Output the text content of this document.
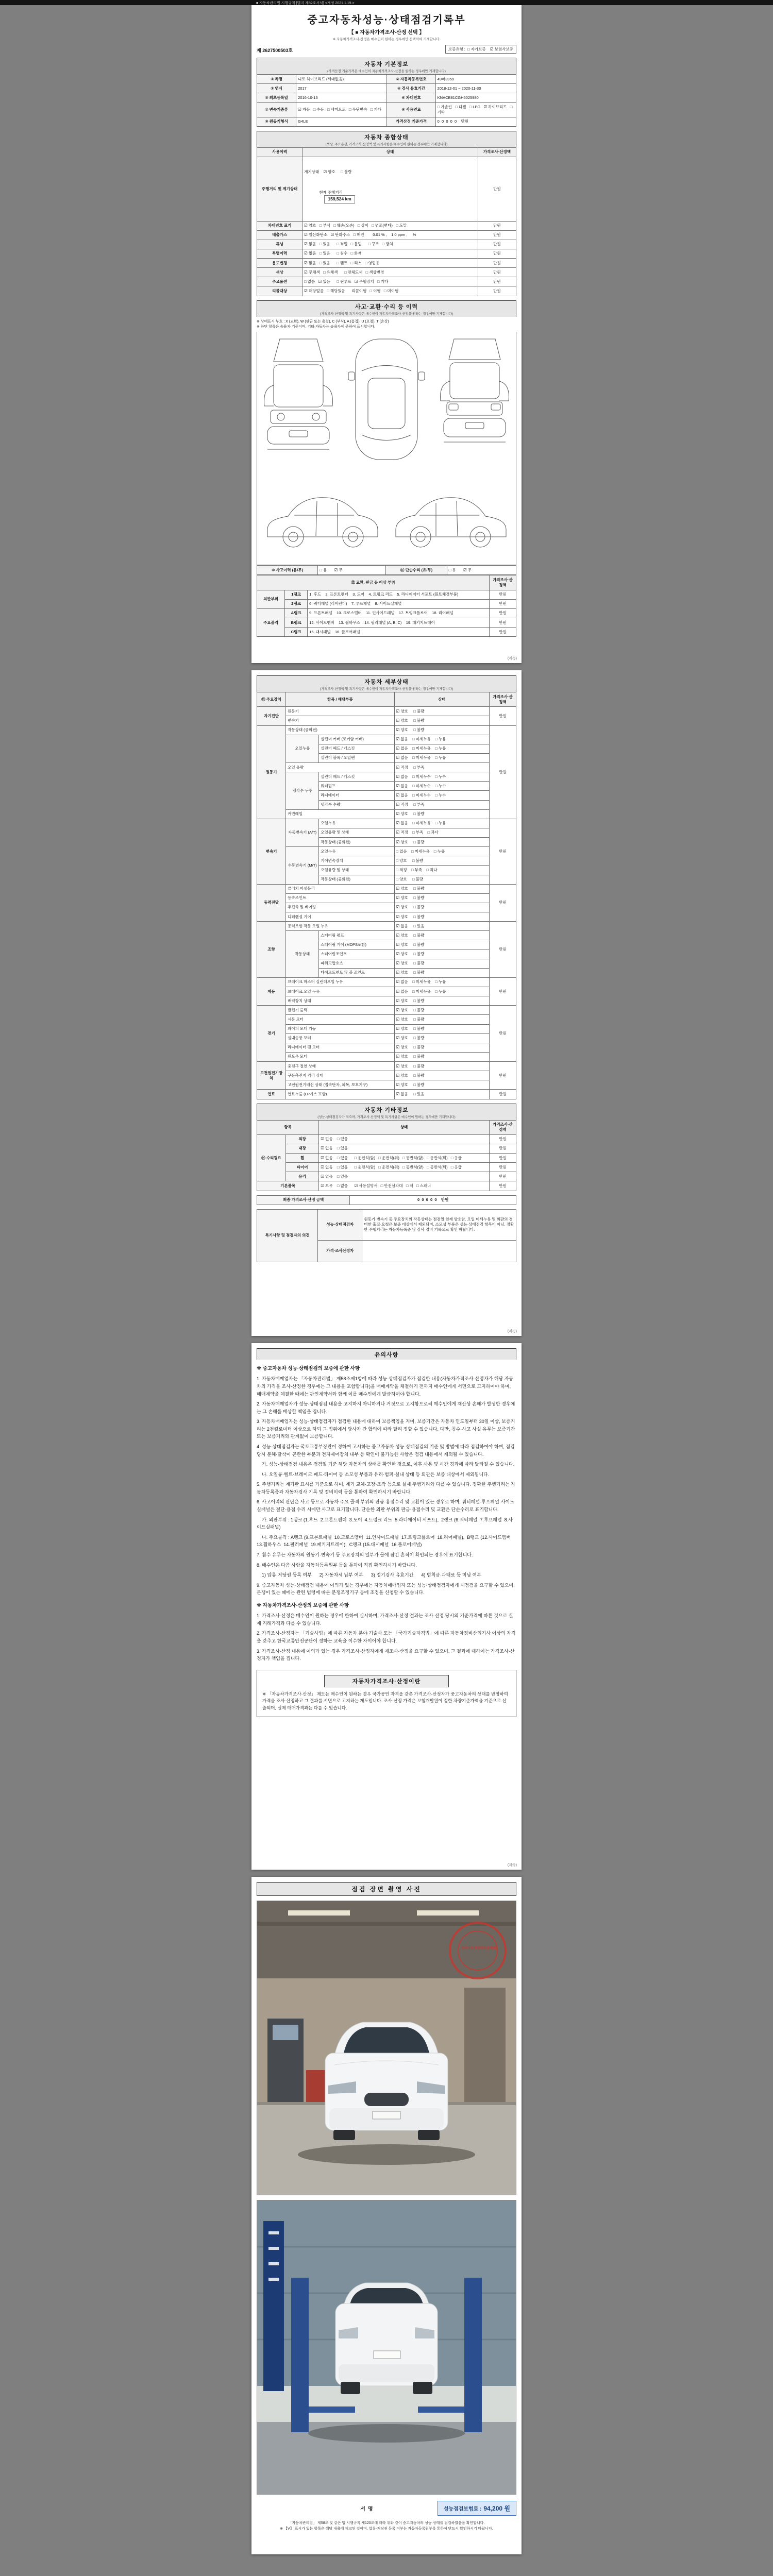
■ 자동차관리법 시행규칙 [별지 제82호서식] <개정 2021.1.19.>
중고자동차성능·상태점검기록부
【 ■ 자동차가격조사·산정 선택 】
※ 자동차가격조사·산정은 매수인이 원하는 경우에만 선택하여 기재합니다.
제 2627500503호	보증유형 :  □ 자가보증    ☑ 보험사보증
자동차 기본정보
(가격산정 기준가격은 매수인이 자동차가격조사·산정을 원하는 경우에만 기재합니다)
① 차명	니로 하이브리드 (세대없음)	② 자동차등록번호	49머3959
③ 연식	2017	④ 검사 유효기간	2018-12-01 ~ 2020-11-30
⑤ 최초등록일	2016-10-13	⑥ 차대번호	KNACB81CGH6025980
⑦ 변속기종류	☑ 자동   □ 수동   □ 세미오토   □ 무단변속   □ 기타	⑧ 사용연료	□ 가솔린   □ 디젤   □ LPG   ☑ 하이브리드   □ 기타
⑨ 원동기형식	G4LE	가격산정 기준가격	0  0  0  0  0    만원
자동차 종합상태
(색상, 주요옵션, 가격조사·산정액 및 특기사항은 매수인이 원하는 경우에만 기재합니다)
사용이력	상태	가격조사·산정액
주행거리 및 계기상태	계기상태    ☑ 양호     □ 불량

현재 주행거리
159,524 km	만원
차대번호 표기	☑ 양호   □ 부식   □ 훼손(오손)   □ 상이   □ 변조(변타)   □ 도말	만원
배출가스	☑ 일산화탄소   ☑ 탄화수소   □ 매연        0.01 % ,    1.0 ppm ,     %	만원
튜닝	☑ 없음   □ 있음      □ 적법   □ 불법      □ 구조   □ 장치	만원
특별이력	☑ 없음   □ 있음      □ 침수   □ 화재	만원
용도변경	☑ 없음   □ 있음      □ 렌트   □ 리스   □ 영업용	만원
색상	☑ 무채색   □ 유채색      □ 전체도색   □ 색상변경	만원
주요옵션	□ 없음   ☑ 있음      □ 썬루프   ☑ 주행장치   □ 기타	만원
리콜대상	☑ 해당없음   □ 해당있음      리콜이행   □ 이행   □ 미이행	만원
사고·교환·수리 등 이력
(가격조사·산정액 및 특기사항은 매수인이 자동차가격조사·산정을 원하는 경우에만 기재합니다)
※ 상태표시 부호 : X (교환), W (판금 또는 용접), C (부식), A (흠집), U (요철), T (손상)
※ 하단 항목은 승용차 기준이며, 기타 자동차는 승용차에 준하여 표시합니다.
⑩ 사고이력 (유/무)	□ 유       ☑ 무	⑪ 단순수리 (유/무)	□ 유       ☑ 무
⑫ 교환, 판금 등 이상 부위			가격조사·산정액
외판부위	1랭크	1. 후드    2. 프론트펜더    3. 도어    4. 트렁크 리드    5. 라디에이터 서포트 (볼트체결부품)	만원
	2랭크	6. 쿼터패널 (리어펜더)    7. 루프패널    8. 사이드실패널	만원
주요골격	A랭크	9. 프론트패널    10. 크로스멤버    11. 인사이드패널    17. 트렁크플로어    18. 리어패널	만원
	B랭크	12. 사이드멤버    13. 휠하우스    14. 필러패널 (A, B, C)    19. 패키지트레이	만원
	C랭크	15. 대시패널    16. 플로어패널	만원
(계속)
자동차 세부상태
(가격조사·산정액 및 특기사항은 매수인이 자동차가격조사·산정을 원하는 경우에만 기재합니다)
⑬ 주요장치	항목 / 해당부품		상태	가격조사·산정액
자기진단	원동기		☑ 양호     □ 불량	만원
	변속기		☑ 양호     □ 불량	
원동기	작동상태 (공회전)		☑ 양호     □ 불량	만원
	오일누유	실린더 커버 (로커암 커버)	☑ 없음    □ 미세누유    □ 누유	
		실린더 헤드 / 개스킷	☑ 없음    □ 미세누유    □ 누유	
		실린더 블록 / 오일팬	☑ 없음    □ 미세누유    □ 누유	
	오일 유량		☑ 적정     □ 부족	
	냉각수 누수	실린더 헤드 / 개스킷	☑ 없음    □ 미세누수    □ 누수	
		워터펌프	☑ 없음    □ 미세누수    □ 누수	
		라디에이터	☑ 없음    □ 미세누수    □ 누수	
		냉각수 수량	☑ 적정     □ 부족	
	커먼레일		☑ 양호     □ 불량	
변속기	자동변속기 (A/T)	오일누유	☑ 없음    □ 미세누유    □ 누유	만원
		오일유량 및 상태	☑ 적정    □ 부족    □ 과다	
		작동상태 (공회전)	☑ 양호     □ 불량	
	수동변속기 (M/T)	오일누유	□ 없음    □ 미세누유    □ 누유	
		기어변속장치	□ 양호     □ 불량	
		오일유량 및 상태	□ 적정    □ 부족    □ 과다	
		작동상태 (공회전)	□ 양호     □ 불량	
동력전달	클러치 어셈블리		☑ 양호     □ 불량	만원
	등속조인트		☑ 양호     □ 불량	
	추진축 및 베어링		☑ 양호     □ 불량	
	디퍼렌셜 기어		☑ 양호     □ 불량	
조향	동력조향 작동 오일 누유		☑ 없음     □ 있음	만원
	작동상태	스티어링 펌프	☑ 양호     □ 불량	
		스티어링 기어 (MDPS포함)	☑ 양호     □ 불량	
		스티어링조인트	☑ 양호     □ 불량	
		파워고압호스	☑ 양호     □ 불량	
		타이로드엔드 및 볼 조인트	☑ 양호     □ 불량	
제동	브레이크 마스터 실린더오일 누유		☑ 없음    □ 미세누유    □ 누유	만원
	브레이크 오일 누유		☑ 없음    □ 미세누유    □ 누유	
	배력장치 상태		☑ 양호     □ 불량	
전기	발전기 출력		☑ 양호     □ 불량	만원
	시동 모터		☑ 양호     □ 불량	
	와이퍼 모터 기능		☑ 양호     □ 불량	
	실내송풍 모터		☑ 양호     □ 불량	
	라디에이터 팬 모터		☑ 양호     □ 불량	
	윈도우 모터		☑ 양호     □ 불량	
고전원전기장치	충전구 절연 상태		☑ 양호     □ 불량	만원
	구동축전지 격리 상태		☑ 양호     □ 불량	
	고전원전기배선 상태 (접속단자, 피복, 보호기구)		☑ 양호     □ 불량	
연료	연료누출 (LP가스 포함)		☑ 없음     □ 있음	만원
자동차 기타정보
(성능·상태점검자가 적으며, 가격조사·산정액 및 특기사항은 매수인이 원하는 경우에만 기재합니다)
항목		상태	가격조사·산정액
⑭ 수리필요	외장	☑ 없음    □ 있음	만원
	내장	☑ 없음    □ 있음	만원
	휠	☑ 없음    □ 있음      □ 운전석(앞)   □ 운전석(뒤)   □ 동반석(앞)   □ 동반석(뒤)   □ 응급	만원
	타이어	☑ 없음    □ 있음      □ 운전석(앞)   □ 운전석(뒤)   □ 동반석(앞)   □ 동반석(뒤)   □ 응급	만원
	유리	☑ 없음    □ 있음	만원
기본품목		☑ 보유    □ 없음      ☑ 사용설명서   □ 안전삼각대   □ 잭   □ 스패너	만원
최종 가격조사·산정 금액	0  0  0  0  0    만원
특기사항 및 점검자의 의견	성능·상태점검자	원동기·변속기 등 주요장치의 작동상태는 점검일 현재 양호함. 오일 미세누유 및 외판의 경미한 흠집·요철은 보증 대상에서 제외되며, 소모성 부품은 성능·상태점검 항목이 아님. 정확한 주행거리는 자동차등록증 및 검사·정비 기록으로 확인 바랍니다.
	가격·조사산정자	
(계속)
유의사항
※ 중고자동차 성능·상태점검의 보증에 관한 사항

1. 자동차매매업자는 「자동차관리법」 제58조제1항에 따라 성능·상태점검자가 점검한 내용(자동차가격조사·산정자가 해당 자동차의 가격을 조사·산정한 경우에는 그 내용을 포함합니다)을 매매계약을 체결하기 전까지 매수인에게 서면으로 고지하여야 하며, 매매계약을 체결한 때에는 관인계약서와 함께 이를 매수인에게 발급하여야 합니다.

2. 자동차매매업자가 성능·상태점검 내용을 고지하지 아니하거나 거짓으로 고지함으로써 매수인에게 재산상 손해가 발생한 경우에는 그 손해를 배상할 책임을 집니다.

3. 자동차매매업자는 성능·상태점검자가 점검한 내용에 대하여 보증책임을 지며, 보증기간은 자동차 인도일부터 30일 이상, 보증거리는 2천킬로미터 이상으로 하되 그 범위에서 당사자 간 합의에 따라 달리 정할 수 있습니다. 다만, 침수·사고 사실 유무는 보증기간 또는 보증거리와 관계없이 보증합니다.

4. 성능·상태점검자는 국토교통부장관이 정하여 고시하는 중고자동차 성능·상태점검의 기준 및 방법에 따라 점검하여야 하며, 점검 당시 분해·탈착이 곤란한 부분과 전자제어장치 내부 등 확인이 불가능한 사항은 점검 내용에서 제외될 수 있습니다.

가. 성능·상태점검 내용은 점검일 기준 해당 자동차의 상태를 확인한 것으로, 이후 사용 및 시간 경과에 따라 달라질 수 있습니다.

나. 오일류·벨트·브레이크 패드·타이어 등 소모성 부품과 유리·범퍼·실내 상태 등 외관은 보증 대상에서 제외됩니다.

5. 주행거리는 계기판 표시를 기준으로 하며, 계기 교체·고장·조작 등으로 실제 주행거리와 다를 수 있습니다. 정확한 주행거리는 자동차등록증과 자동차검사 기록 및 정비이력 등을 통하여 확인하시기 바랍니다.

6. 사고이력의 판단은 사고 등으로 자동차 주요 골격 부위의 판금·용접수리 및 교환이 있는 경우로 하며, 쿼터패널·루프패널·사이드실패널은 절단·용접 수리 시에만 사고로 표기합니다. 단순한 외판 부위의 판금·용접수리 및 교환은 단순수리로 표기합니다.

가. 외판부위 : 1랭크 (1.후드  2.프론트펜더  3.도어  4.트렁크 리드  5.라디에이터 서포트),  2랭크 (6.쿼터패널  7.루프패널  8.사이드실패널)

나. 주요골격 : A랭크 (9.프론트패널  10.크로스멤버  11.인사이드패널  17.트렁크플로어  18.리어패널),  B랭크 (12.사이드멤버  13.휠하우스  14.필러패널  19.패키지트레이),  C랭크 (15.대시패널  16.플로어패널)

7. 침수 유무는 자동차의 원동기·변속기 등 주요장치의 일부가 물에 잠긴 흔적이 확인되는 경우에 표기합니다.

8. 매수인은 다음 사항을 자동차등록원부 등을 통하여 직접 확인하시기 바랍니다.

1) 압류·저당권 등록 여부      2) 자동차세 납부 여부      3) 정기검사 유효기간      4) 범칙금·과태료 등 미납 여부

9. 중고자동차 성능·상태점검 내용에 이의가 있는 경우에는 자동차매매업자 또는 성능·상태점검자에게 재점검을 요구할 수 있으며, 분쟁이 있는 때에는 관련 법령에 따른 분쟁조정기구 등에 조정을 신청할 수 있습니다.

※ 자동차가격조사·산정의 보증에 관한 사항

1. 가격조사·산정은 매수인이 원하는 경우에 한하여 실시하며, 가격조사·산정 결과는 조사·산정 당시의 기준가격에 따른 것으로 실제 거래가격과 다를 수 있습니다.

2. 가격조사·산정자는 「기술사법」에 따른 자동차 분야 기술사 또는 「국가기술자격법」에 따른 자동차정비산업기사 이상의 자격을 갖추고 한국교통안전공단이 정하는 교육을 이수한 자이어야 합니다.

3. 가격조사·산정 내용에 이의가 있는 경우 가격조사·산정자에게 재조사·산정을 요구할 수 있으며, 그 결과에 대하여는 가격조사·산정자가 책임을 집니다.

자동차가격조사·산정이란
※ 「자동차가격조사·산정」 제도는 매수인이 원하는 경우 국가공인 자격을 갖춘 가격조사·산정자가 중고자동차의 상태를 반영하여 가격을 조사·산정하고 그 결과를 서면으로 고지하는 제도입니다. 조사·산정 가격은 보험개발원이 정한 차량기준가액을 기준으로 산출되며, 실제 매매가격과는 다를 수 있습니다.
(계속)
점검 장면 촬영 사진
한국자동차진단보증협회
서명	성능점검보험료 : 94,200 원
「자동차관리법」 제58조 및 같은 법 시행규칙 제120조에 따라 위와 같이 중고자동차의 성능·상태를 점검하였음을 확인합니다.
※ 【V】 표시가 있는 항목은 해당 내용에 체크된 것이며, 압류·저당권 등록 여부는 자동차등록원부를 통하여 반드시 확인하시기 바랍니다.
